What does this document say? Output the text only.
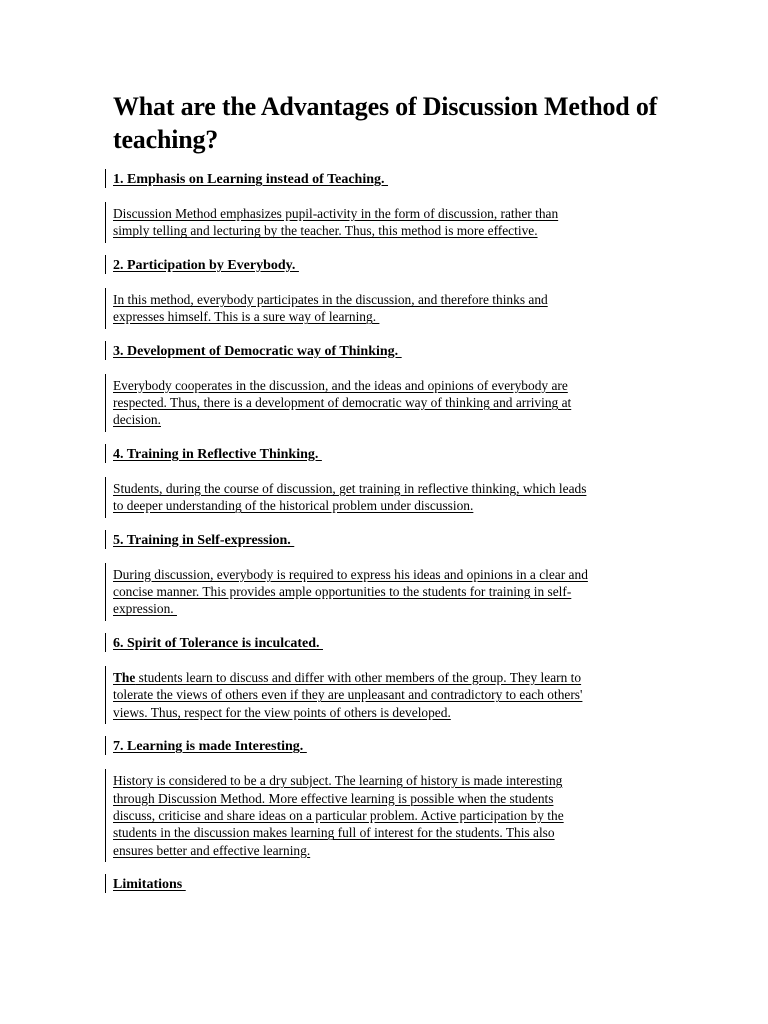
What are the Advantages of Discussion Method of teaching?
1. Emphasis on Learning instead of Teaching.
Discussion Method emphasizes pupil-activity in the form of discussion, rather than
simply telling and lecturing by the teacher. Thus, this method is more effective.
2. Participation by Everybody.
In this method, everybody participates in the discussion, and therefore thinks and
expresses himself. This is a sure way of learning.
3. Development of Democratic way of Thinking.
Everybody cooperates in the discussion, and the ideas and opinions of everybody are
respected. Thus, there is a development of democratic way of thinking and arriving at
decision.
4. Training in Reflective Thinking.
Students, during the course of discussion, get training in reflective thinking, which leads
to deeper understanding of the historical problem under discussion.
5. Training in Self-expression.
During discussion, everybody is required to express his ideas and opinions in a clear and
concise manner. This provides ample opportunities to the students for training in self-
expression.
6. Spirit of Tolerance is inculcated.
The students learn to discuss and differ with other members of the group. They learn to
tolerate the views of others even if they are unpleasant and contradictory to each others'
views. Thus, respect for the view points of others is developed.
7. Learning is made Interesting.
History is considered to be a dry subject. The learning of history is made interesting
through Discussion Method. More effective learning is possible when the students
discuss, criticise and share ideas on a particular problem. Active participation by the
students in the discussion makes learning full of interest for the students. This also
ensures better and effective learning.
Limitations
